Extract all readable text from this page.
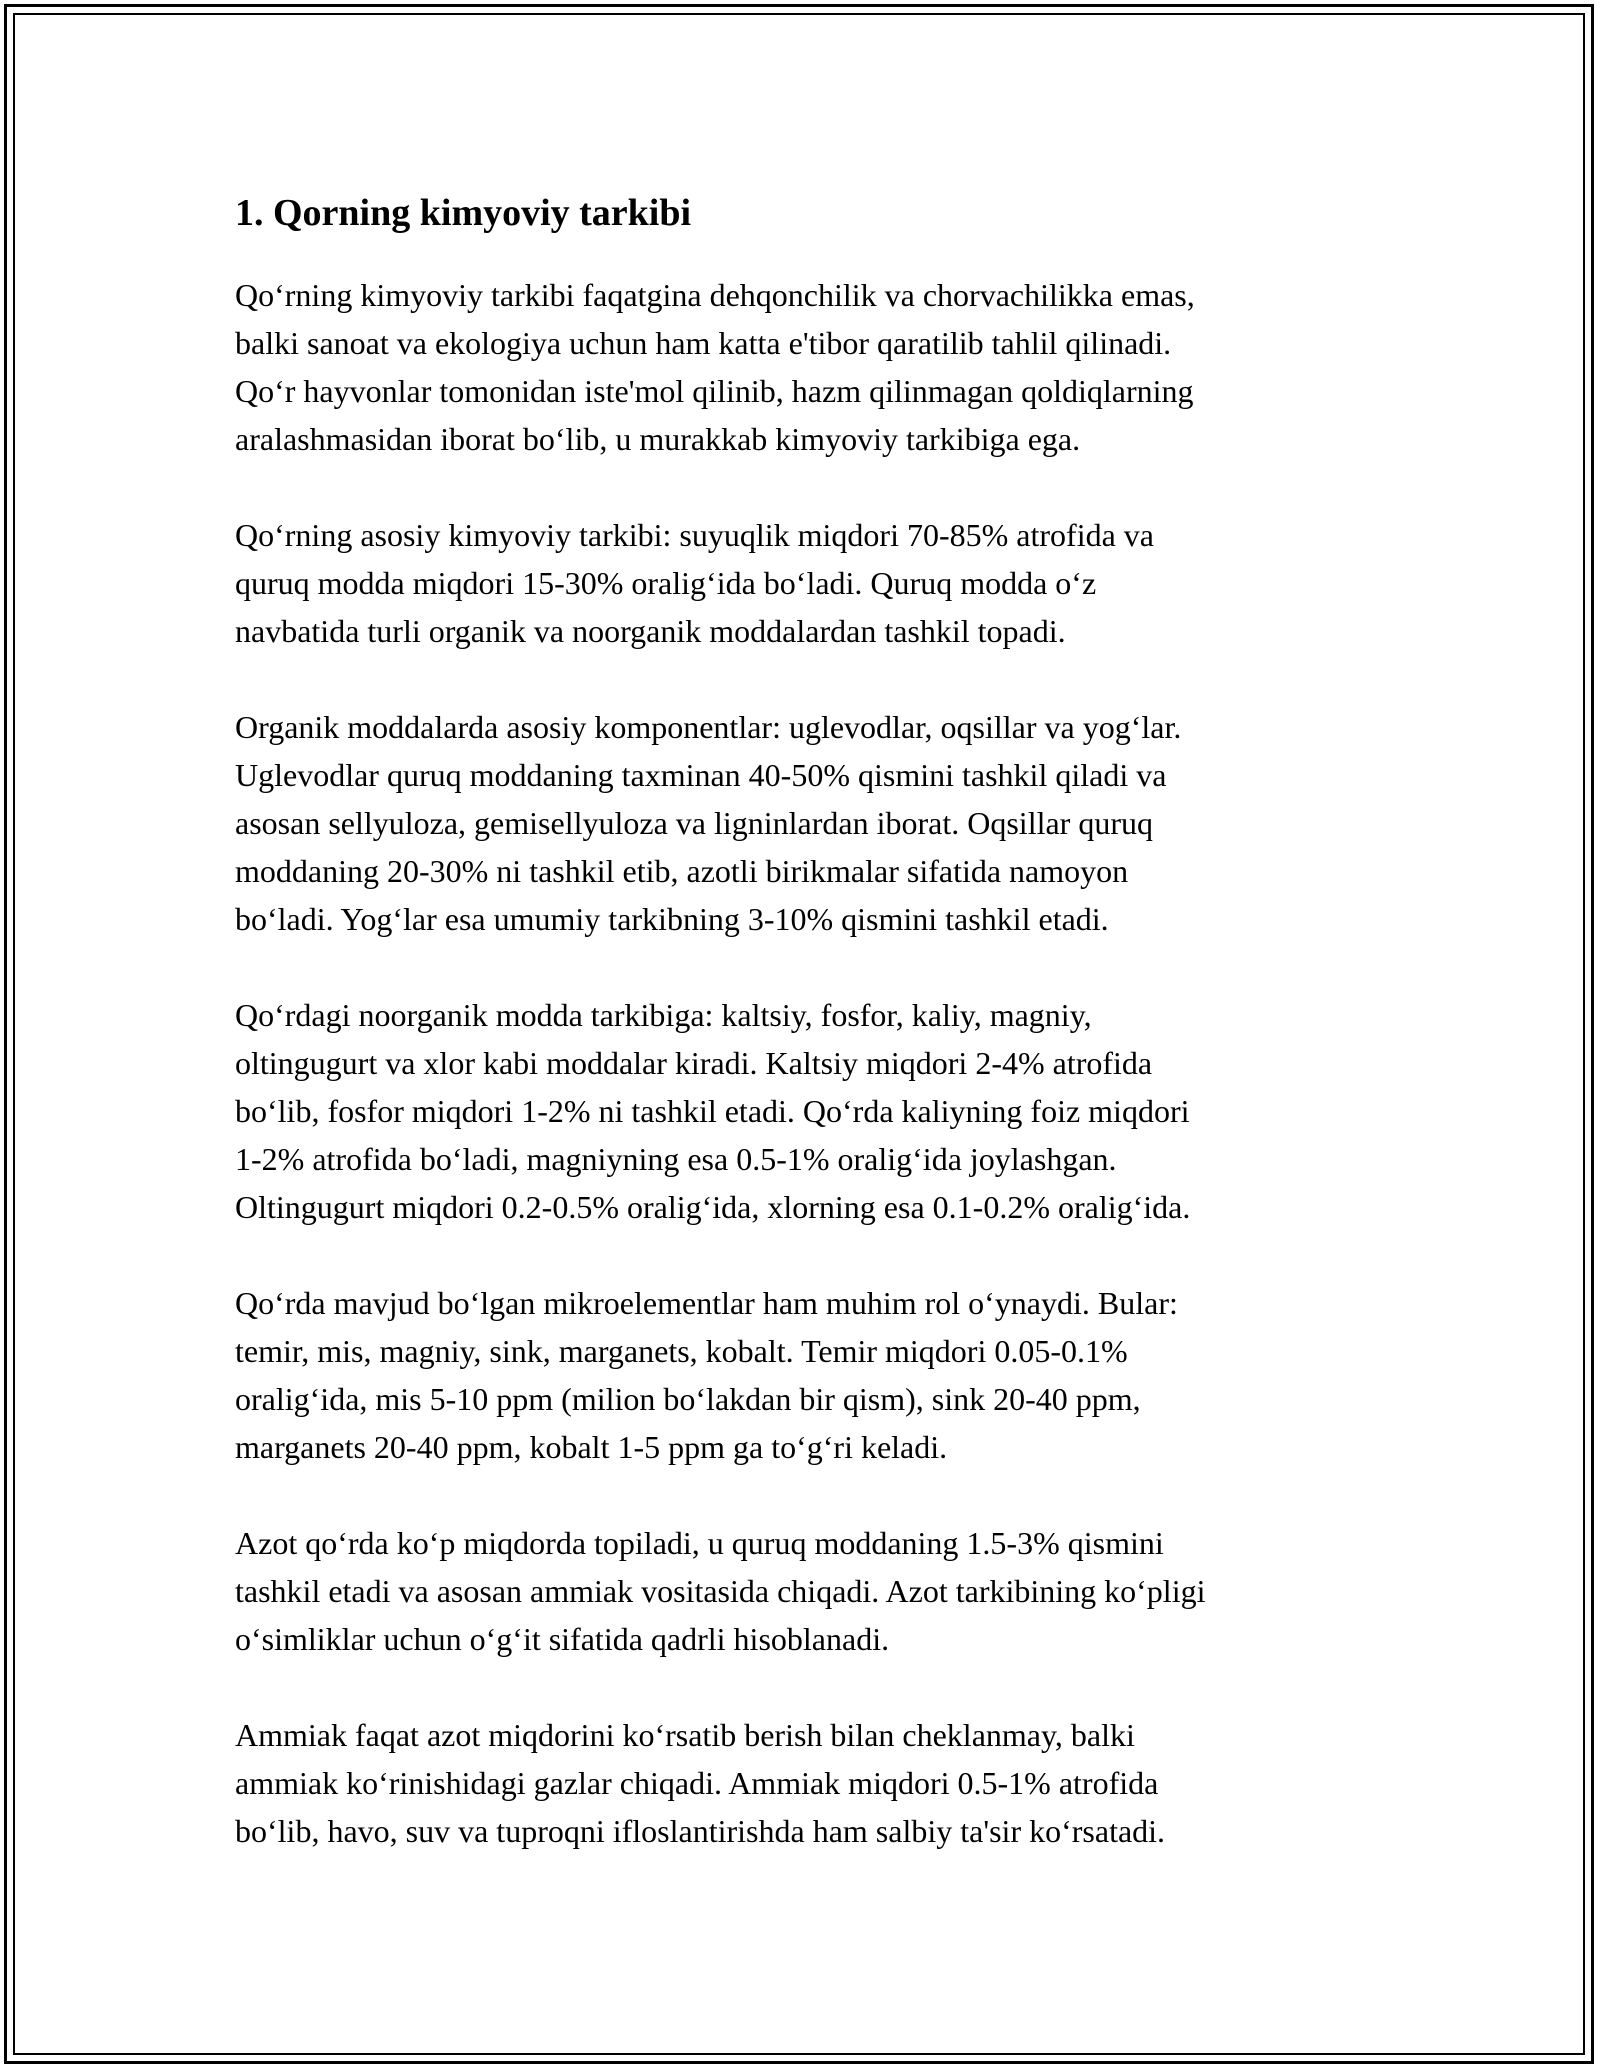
1. Qorning kimyoviy tarkibi

Qo‘rning kimyoviy tarkibi faqatgina dehqonchilik va chorvachilikka emas,
balki sanoat va ekologiya uchun ham katta e'tibor qaratilib tahlil qilinadi.
Qo‘r hayvonlar tomonidan iste'mol qilinib, hazm qilinmagan qoldiqlarning
aralashmasidan iborat bo‘lib, u murakkab kimyoviy tarkibiga ega.

Qo‘rning asosiy kimyoviy tarkibi: suyuqlik miqdori 70-85% atrofida va
quruq modda miqdori 15-30% oralig‘ida bo‘ladi. Quruq modda o‘z
navbatida turli organik va noorganik moddalardan tashkil topadi.

Organik moddalarda asosiy komponentlar: uglevodlar, oqsillar va yog‘lar.
Uglevodlar quruq moddaning taxminan 40-50% qismini tashkil qiladi va
asosan sellyuloza, gemisellyuloza va ligninlardan iborat. Oqsillar quruq
moddaning 20-30% ni tashkil etib, azotli birikmalar sifatida namoyon
bo‘ladi. Yog‘lar esa umumiy tarkibning 3-10% qismini tashkil etadi.

Qo‘rdagi noorganik modda tarkibiga: kaltsiy, fosfor, kaliy, magniy,
oltingugurt va xlor kabi moddalar kiradi. Kaltsiy miqdori 2-4% atrofida
bo‘lib, fosfor miqdori 1-2% ni tashkil etadi. Qo‘rda kaliyning foiz miqdori
1-2% atrofida bo‘ladi, magniyning esa 0.5-1% oralig‘ida joylashgan.
Oltingugurt miqdori 0.2-0.5% oralig‘ida, xlorning esa 0.1-0.2% oralig‘ida.

Qo‘rda mavjud bo‘lgan mikroelementlar ham muhim rol o‘ynaydi. Bular:
temir, mis, magniy, sink, marganets, kobalt. Temir miqdori 0.05-0.1%
oralig‘ida, mis 5-10 ppm (milion bo‘lakdan bir qism), sink 20-40 ppm,
marganets 20-40 ppm, kobalt 1-5 ppm ga to‘g‘ri keladi.

Azot qo‘rda ko‘p miqdorda topiladi, u quruq moddaning 1.5-3% qismini
tashkil etadi va asosan ammiak vositasida chiqadi. Azot tarkibining ko‘pligi
o‘simliklar uchun o‘g‘it sifatida qadrli hisoblanadi.

Ammiak faqat azot miqdorini ko‘rsatib berish bilan cheklanmay, balki
ammiak ko‘rinishidagi gazlar chiqadi. Ammiak miqdori 0.5-1% atrofida
bo‘lib, havo, suv va tuproqni ifloslantirishda ham salbiy ta'sir ko‘rsatadi.
